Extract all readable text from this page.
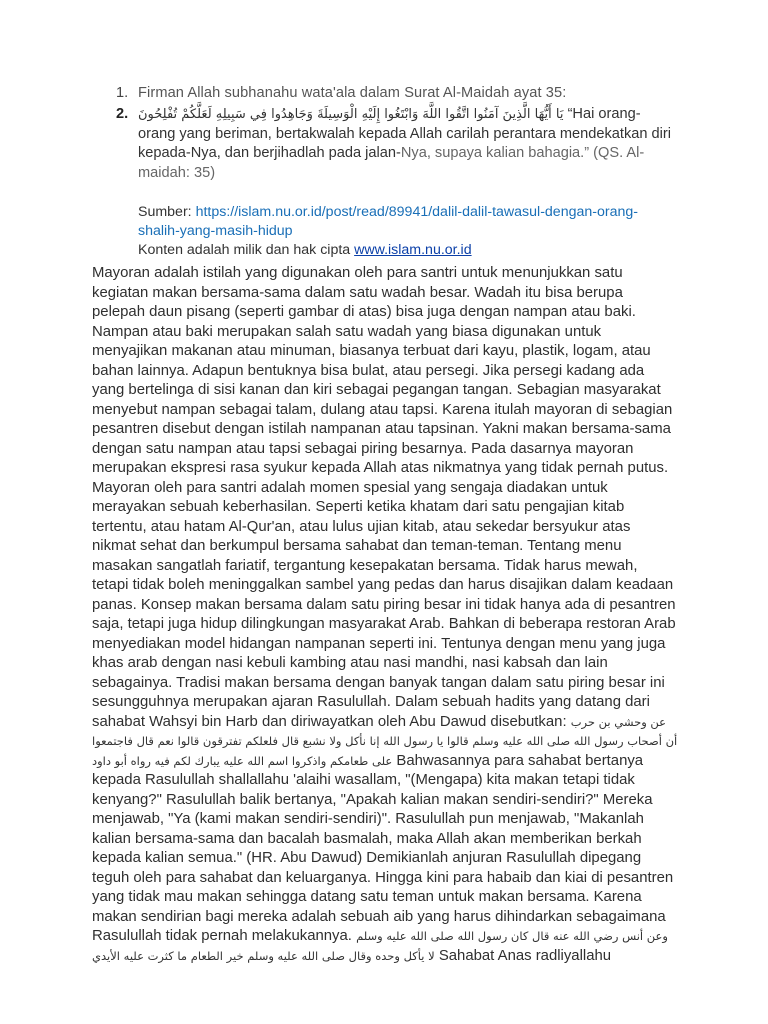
1. Firman Allah subhanahu wata'ala dalam Surat Al-Maidah ayat 35:
2. يَا أَيُّهَا الَّذِينَ آمَنُوا اتَّقُوا اللَّهَ وَابْتَغُوا إِلَيْهِ الْوَسِيلَةَ وَجَاهِدُوا فِي سَبِيلِهِ لَعَلَّكُمْ تُفْلِحُونَ “Hai orang-orang yang beriman, bertakwalah kepada Allah carilah perantara mendekatkan diri kepada-Nya, dan berjihadlah pada jalan-Nya, supaya kalian bahagia.” (QS. Al-maidah: 35)
Sumber: https://islam.nu.or.id/post/read/89941/dalil-dalil-tawasul-dengan-orang-shalih-yang-masih-hidup
Konten adalah milik dan hak cipta www.islam.nu.or.id

Mayoran adalah istilah yang digunakan oleh para santri untuk menunjukkan satu kegiatan makan bersama-sama dalam satu wadah besar. Wadah itu bisa berupa pelepah daun pisang (seperti gambar di atas) bisa juga dengan nampan atau baki. Nampan atau baki merupakan salah satu wadah yang biasa digunakan untuk menyajikan makanan atau minuman, biasanya terbuat dari kayu, plastik, logam, atau bahan lainnya. Adapun bentuknya bisa bulat, atau persegi. Jika persegi kadang ada yang bertelinga di sisi kanan dan kiri sebagai pegangan tangan. Sebagian masyarakat menyebut nampan sebagai talam, dulang atau tapsi. Karena itulah mayoran di sebagian pesantren disebut dengan istilah nampanan atau tapsinan. Yakni makan bersama-sama dengan satu nampan atau tapsi sebagai piring besarnya. Pada dasarnya mayoran merupakan ekspresi rasa syukur kepada Allah atas nikmatnya yang tidak pernah putus. Mayoran oleh para santri adalah momen spesial yang sengaja diadakan untuk merayakan sebuah keberhasilan. Seperti ketika khatam dari satu pengajian kitab tertentu, atau hatam Al-Qur'an, atau lulus ujian kitab, atau sekedar bersyukur atas nikmat sehat dan berkumpul bersama sahabat dan teman-teman. Tentang menu masakan sangatlah fariatif, tergantung kesepakatan bersama. Tidak harus mewah, tetapi tidak boleh meninggalkan sambel yang pedas dan harus disajikan dalam keadaan panas. Konsep makan bersama dalam satu piring besar ini tidak hanya ada di pesantren saja, tetapi juga hidup dilingkungan masyarakat Arab. Bahkan di beberapa restoran Arab menyediakan model hidangan nampanan seperti ini. Tentunya dengan menu yang juga khas arab dengan nasi kebuli kambing atau nasi mandhi, nasi kabsah dan lain sebagainya. Tradisi makan bersama dengan banyak tangan dalam satu piring besar ini sesungguhnya merupakan ajaran Rasulullah. Dalam sebuah hadits yang datang dari sahabat Wahsyi bin Harb dan diriwayatkan oleh Abu Dawud disebutkan: عن وحشي بن حرب أن أصحاب رسول الله صلى الله عليه وسلم قالوا يا رسول الله إنا نأكل ولا نشبع قال فلعلكم تفترقون قالوا نعم قال فاجتمعوا على طعامكم واذكروا اسم الله عليه يبارك لكم فيه رواه أبو داود Bahwasannya para sahabat bertanya kepada Rasulullah shallallahu 'alaihi wasallam, "(Mengapa) kita makan tetapi tidak kenyang?" Rasulullah balik bertanya, "Apakah kalian makan sendiri-sendiri?" Mereka menjawab, "Ya (kami makan sendiri-sendiri)". Rasulullah pun menjawab, "Makanlah kalian bersama-sama dan bacalah basmalah, maka Allah akan memberikan berkah kepada kalian semua." (HR. Abu Dawud) Demikianlah anjuran Rasulullah dipegang teguh oleh para sahabat dan keluarganya. Hingga kini para habaib dan kiai di pesantren yang tidak mau makan sehingga datang satu teman untuk makan bersama. Karena makan sendirian bagi mereka adalah sebuah aib yang harus dihindarkan sebagaimana Rasulullah tidak pernah melakukannya. وعن أنس رضي الله عنه قال كان رسول الله صلى الله عليه وسلم لا يأكل وحده وقال صلى الله عليه وسلم خير الطعام ما كثرت عليه الأيدي Sahabat Anas radliyallahu
